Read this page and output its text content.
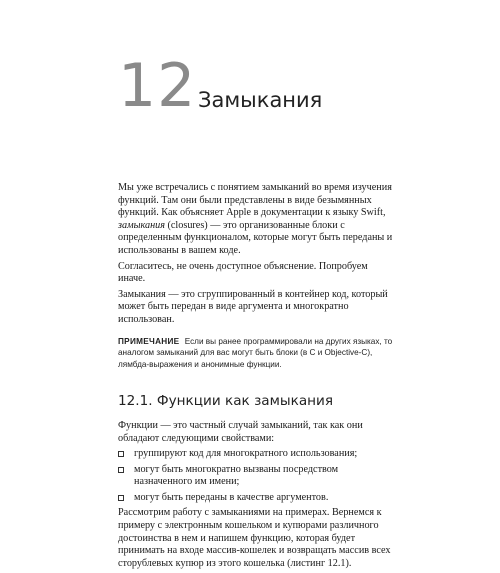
12 Замыкания

Мы уже встречались с понятием замыканий во время изучения функций. Там они были представлены в виде безымянных функций. Как объясняет Apple в документации к языку Swift, замыкания (closures) — это организованные блоки с определенным функционалом, которые могут быть переданы и использованы в вашем коде.

Согласитесь, не очень доступное объяснение. Попробуем иначе.

Замыкания — это сгруппированный в контейнер код, который может быть передан в виде аргумента и многократно использован.

ПРИМЕЧАНИЕ Если вы ранее программировали на других языках, то аналогом замыканий для вас могут быть блоки (в С и Objective-C), лямбда-выражения и анонимные функции.
12.1. Функции как замыкания

Функции — это частный случай замыканий, так как они обладают следующими свойствами:

группируют код для многократного использования;
могут быть многократно вызваны посредством назначенного им имени;
могут быть переданы в качестве аргументов.

Рассмотрим работу с замыканиями на примерах. Вернемся к примеру с электронным кошельком и купюрами различного достоинства в нем и напишем функцию, которая будет принимать на входе массив-кошелек и возвращать массив всех сторублевых купюр из этого кошелька (листинг 12.1).
